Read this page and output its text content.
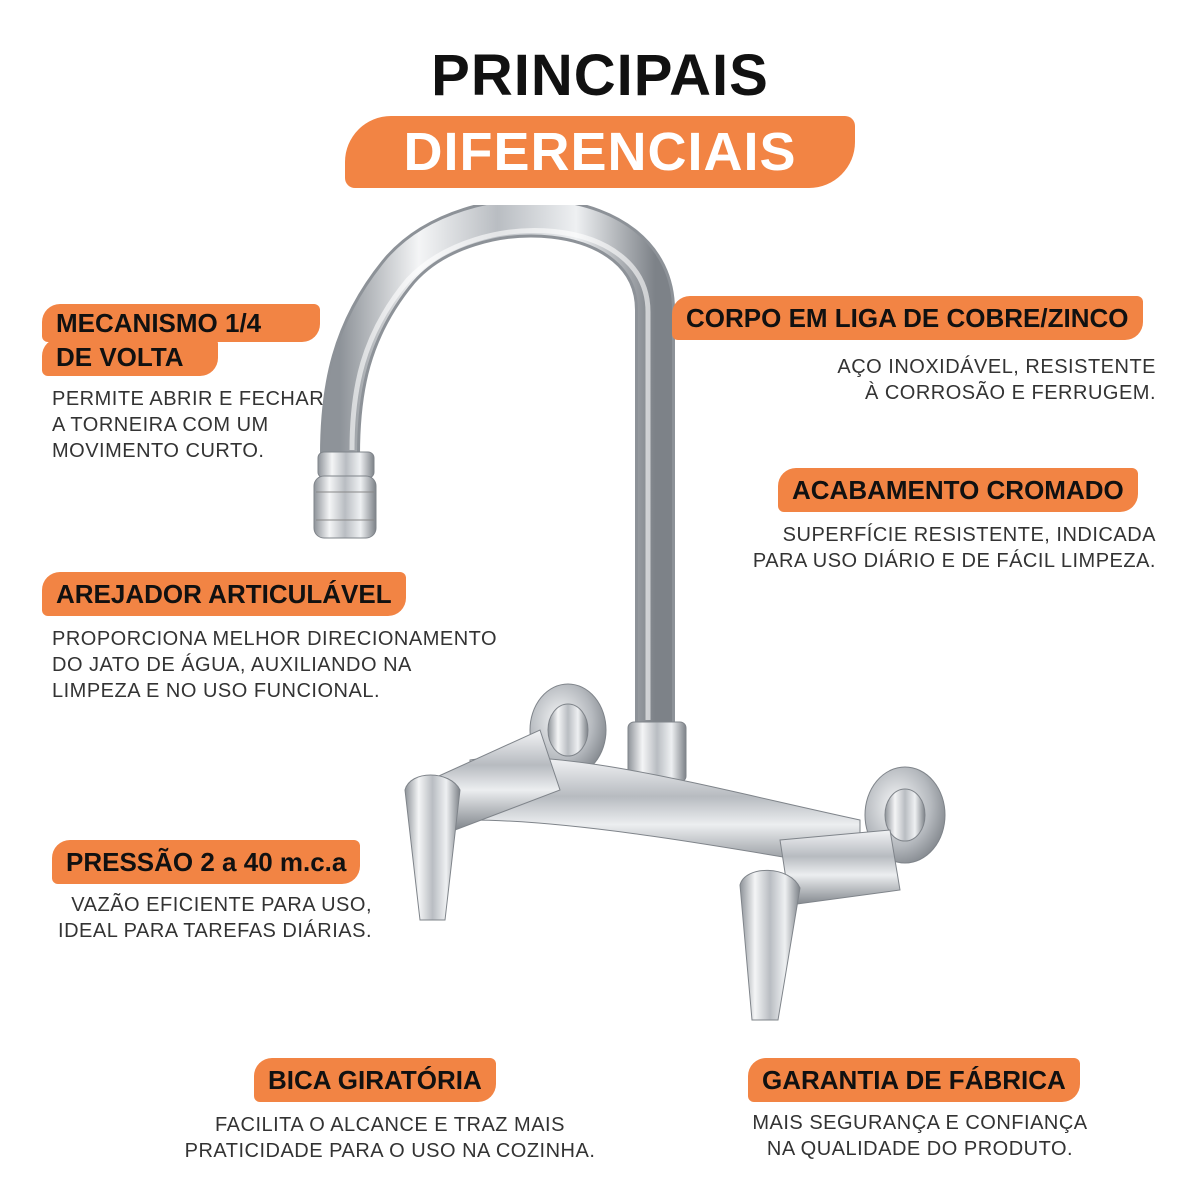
PRINCIPAIS
DIFERENCIAIS
MECANISMO 1/4
DE VOLTA
PERMITE ABRIR E FECHAR
A TORNEIRA COM UM
MOVIMENTO CURTO.
CORPO EM LIGA DE COBRE/ZINCO
AÇO INOXIDÁVEL, RESISTENTE
À CORROSÃO E FERRUGEM.
ACABAMENTO CROMADO
SUPERFÍCIE RESISTENTE, INDICADA
PARA USO DIÁRIO E DE FÁCIL LIMPEZA.
AREJADOR ARTICULÁVEL
PROPORCIONA MELHOR DIRECIONAMENTO
DO JATO DE ÁGUA, AUXILIANDO NA
LIMPEZA E NO USO FUNCIONAL.
PRESSÃO 2 a 40 m.c.a
VAZÃO EFICIENTE PARA USO,
IDEAL PARA TAREFAS DIÁRIAS.
BICA GIRATÓRIA
FACILITA O ALCANCE E TRAZ MAIS
PRATICIDADE PARA O USO NA COZINHA.
GARANTIA DE FÁBRICA
MAIS SEGURANÇA E CONFIANÇA
NA QUALIDADE DO PRODUTO.
